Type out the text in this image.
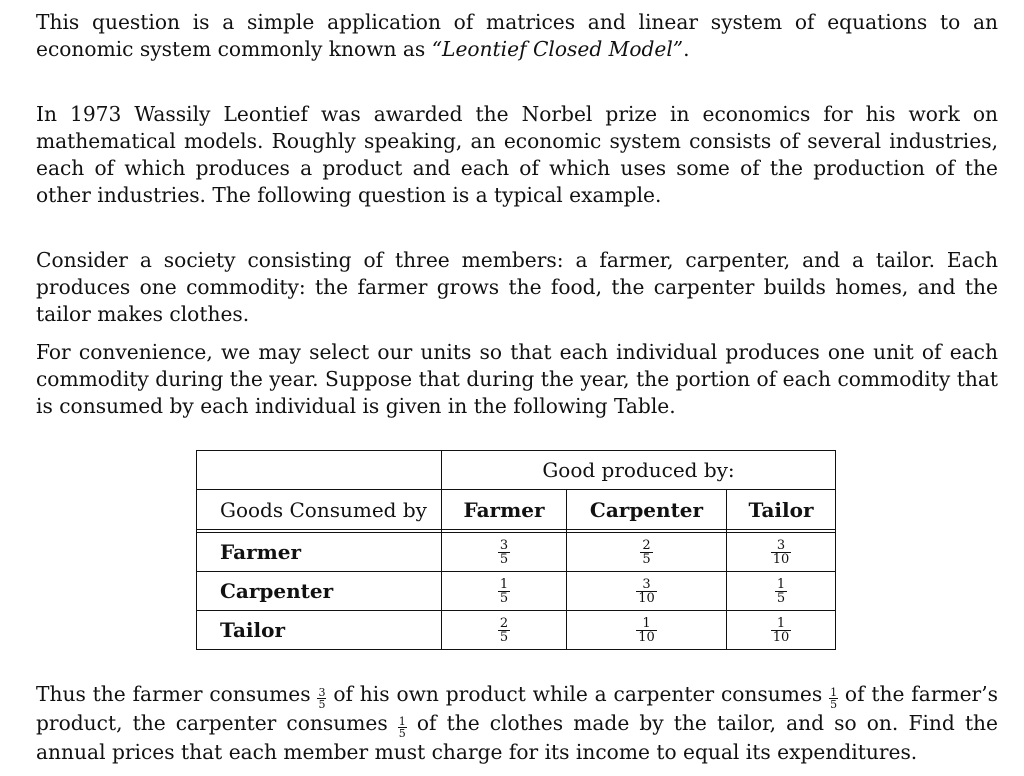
This question is a simple application of matrices and linear system of equations to an economic system commonly known as “Leontief Closed Model”.

In 1973 Wassily Leontief was awarded the Norbel prize in economics for his work on mathematical models. Roughly speaking, an economic system consists of several industries, each of which produces a product and each of which uses some of the production of the other industries. The following question is a typical example.

Consider a society consisting of three members: a farmer, carpenter, and a tailor. Each produces one commodity: the farmer grows the food, the carpenter builds homes, and the tailor makes clothes.

For convenience, we may select our units so that each individual produces one unit of each commodity during the year. Suppose that during the year, the portion of each commodity that is consumed by each individual is given in the following Table.

	Good produced by:		
Goods Consumed by	Farmer	Carpenter	Tailor

Farmer	$\frac{3}{5}$	$\frac{2}{5}$	$\frac{3}{10}$

Carpenter	$\frac{1}{5}$	$\frac{3}{10}$	$\frac{1}{5}$

Tailor	$\frac{2}{5}$	$\frac{1}{10}$	$\frac{1}{10}$

Thus the farmer consumes $\frac{3}{5}$ of his own product while a carpenter consumes $\frac{1}{5}$ of the farmer’s product, the carpenter consumes $\frac{1}{5}$ of the clothes made by the tailor, and so on. Find the annual prices that each member must charge for its income to equal its expenditures.
